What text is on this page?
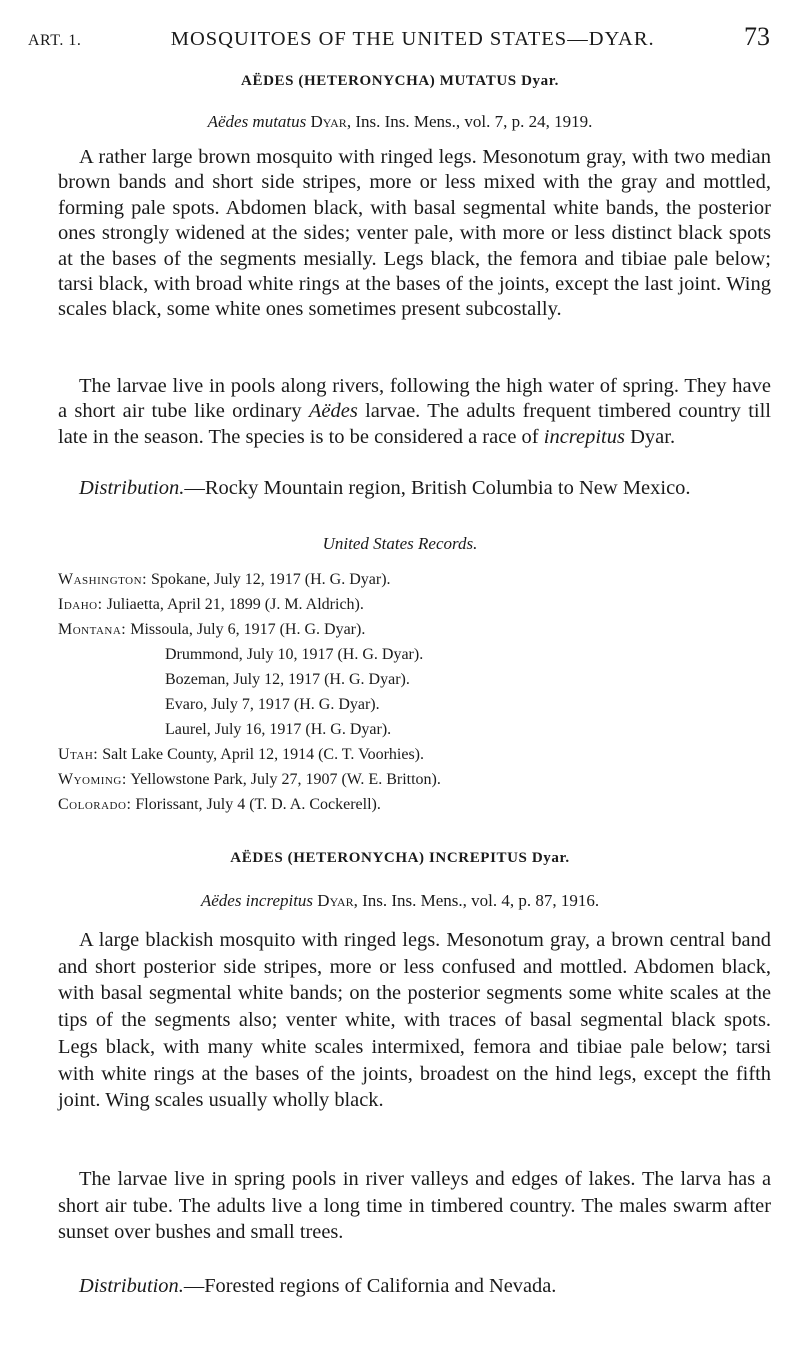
ART. 1.	MOSQUITOES OF THE UNITED STATES—DYAR.	73
AËDES (HETERONYCHA) MUTATUS Dyar.
Aëdes mutatus Dyar, Ins. Ins. Mens., vol. 7, p. 24, 1919.
A rather large brown mosquito with ringed legs. Mesonotum gray, with two median brown bands and short side stripes, more or less mixed with the gray and mottled, forming pale spots. Abdomen black, with basal segmental white bands, the posterior ones strongly widened at the sides; venter pale, with more or less distinct black spots at the bases of the segments mesially. Legs black, the femora and tibiae pale below; tarsi black, with broad white rings at the bases of the joints, except the last joint. Wing scales black, some white ones sometimes present subcostally.
The larvae live in pools along rivers, following the high water of spring. They have a short air tube like ordinary Aëdes larvae. The adults frequent timbered country till late in the season. The species is to be considered a race of increpitus Dyar.
Distribution.—Rocky Mountain region, British Columbia to New Mexico.
United States Records.
Washington: Spokane, July 12, 1917 (H. G. Dyar).
Idaho: Juliaetta, April 21, 1899 (J. M. Aldrich).
Montana: Missoula, July 6, 1917 (H. G. Dyar).
Drummond, July 10, 1917 (H. G. Dyar).
Bozeman, July 12, 1917 (H. G. Dyar).
Evaro, July 7, 1917 (H. G. Dyar).
Laurel, July 16, 1917 (H. G. Dyar).
Utah: Salt Lake County, April 12, 1914 (C. T. Voorhies).
Wyoming: Yellowstone Park, July 27, 1907 (W. E. Britton).
Colorado: Florissant, July 4 (T. D. A. Cockerell).
AËDES (HETERONYCHA) INCREPITUS Dyar.
Aëdes increpitus Dyar, Ins. Ins. Mens., vol. 4, p. 87, 1916.
A large blackish mosquito with ringed legs. Mesonotum gray, a brown central band and short posterior side stripes, more or less confused and mottled. Abdomen black, with basal segmental white bands; on the posterior segments some white scales at the tips of the segments also; venter white, with traces of basal segmental black spots. Legs black, with many white scales intermixed, femora and tibiae pale below; tarsi with white rings at the bases of the joints, broadest on the hind legs, except the fifth joint. Wing scales usually wholly black.
The larvae live in spring pools in river valleys and edges of lakes. The larva has a short air tube. The adults live a long time in timbered country. The males swarm after sunset over bushes and small trees.
Distribution.—Forested regions of California and Nevada.
